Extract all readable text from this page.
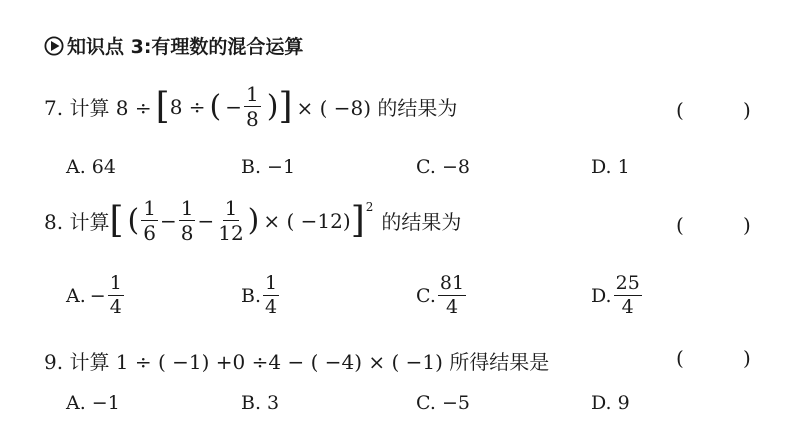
知识点 3:有理数的混合运算
7. 计算 8 ÷ [ 8 ÷ ( − $\frac{1}{8}$ ) ] × ( −8) 的结果为	(	)
A. 64	B. −1	C. −8	D. 1
8. 计算 [ ( $\frac{1}{6} - \frac{1}{8} - \frac{1}{12}$ ) × ( −12) ]$^2$
的结果为	(	)
A. − $\frac{1}{4}$	B. $\frac{1}{4}$	C. $\frac{81}{4}$	D. $\frac{25}{4}$
9. 计算 1 ÷ ( −1) +0 ÷4 − ( −4) × ( −1) 所得结果是	(	)
A. −1	B. 3	C. −5	D. 9
